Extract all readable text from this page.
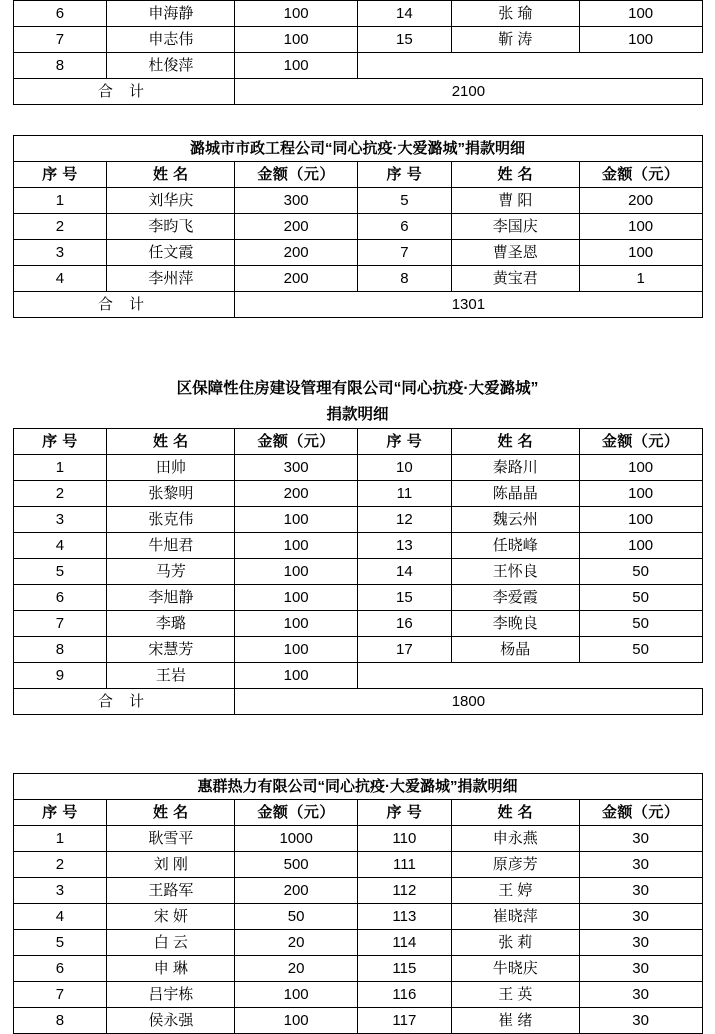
6	申海静	100	14	张 瑜	100
7	申志伟	100	15	靳 涛	100
8	杜俊萍	100			
合 计		2100			
潞城市市政工程公司“同心抗疫·大爱潞城”捐款明细					
序 号	姓 名	金额（元）	序 号	姓 名	金额（元）
1	刘华庆	300	5	曹 阳	200
2	李昀飞	200	6	李国庆	100
3	任文霞	200	7	曹圣恩	100
4	李州萍	200	8	黄宝君	1
合 计		1301			
区保障性住房建设管理有限公司“同心抗疫·大爱潞城”
捐款明细
序 号	姓 名	金额（元）	序 号	姓 名	金额（元）
1	田帅	300	10	秦路川	100
2	张黎明	200	11	陈晶晶	100
3	张克伟	100	12	魏云州	100
4	牛旭君	100	13	任晓峰	100
5	马芳	100	14	王怀良	50
6	李旭静	100	15	李爱霞	50
7	李璐	100	16	李晚良	50
8	宋慧芳	100	17	杨晶	50
9	王岩	100			
合 计		1800			
惠群热力有限公司“同心抗疫·大爱潞城”捐款明细					
序 号	姓 名	金额（元）	序 号	姓 名	金额（元）
1	耿雪平	1000	110	申永燕	30
2	刘 刚	500	111	原彦芳	30
3	王路军	200	112	王 婷	30
4	宋 妍	50	113	崔晓萍	30
5	白 云	20	114	张 莉	30
6	申 琳	20	115	牛晓庆	30
7	吕宇栋	100	116	王 英	30
8	侯永强	100	117	崔 绪	30
